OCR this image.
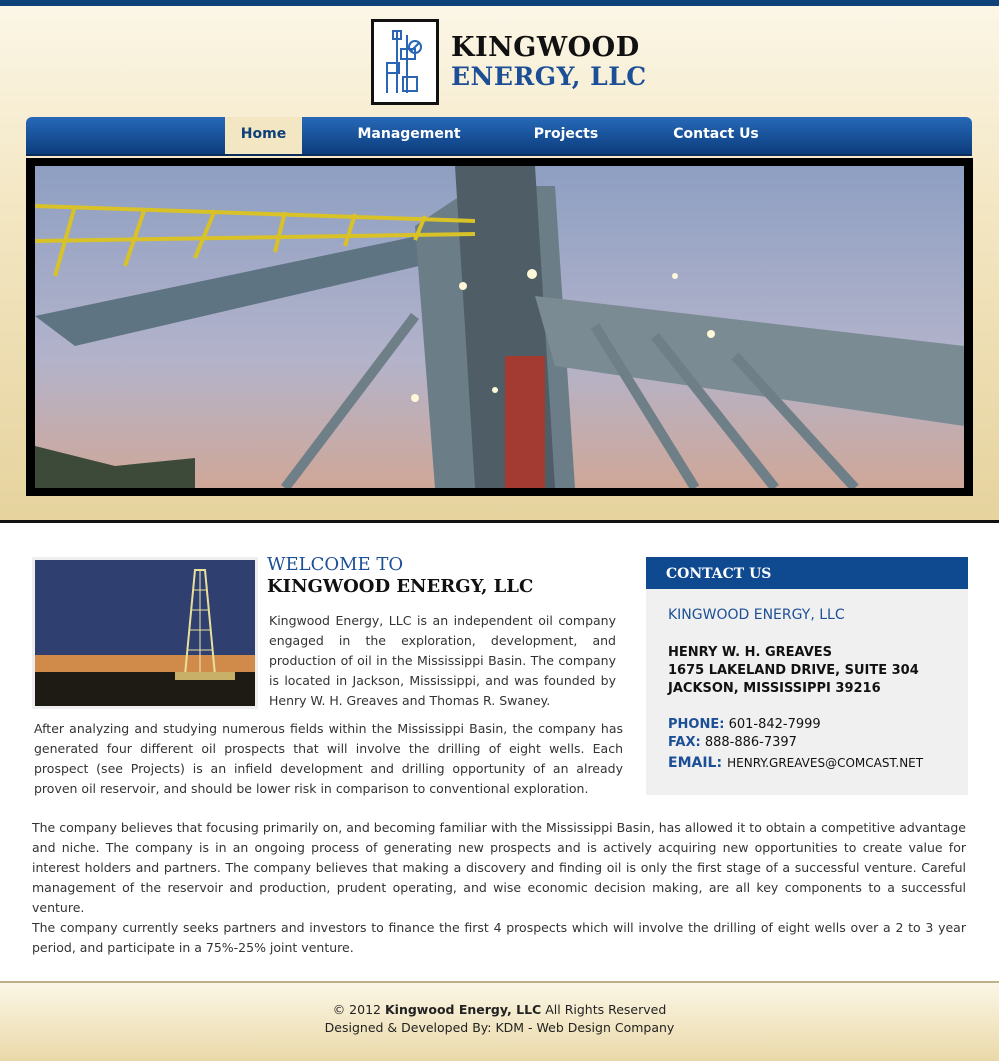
KINGWOOD
ENERGY, LLC
Home	Management	Projects	Contact Us
WELCOME TO
KINGWOOD ENERGY, LLC

Kingwood Energy, LLC is an independent oil company engaged in the exploration, development, and production of oil in the Mississippi Basin. The company is located in Jackson, Mississippi, and was founded by Henry W. H. Greaves and Thomas R. Swaney.

After analyzing and studying numerous fields within the Mississippi Basin, the company has generated four different oil prospects that will involve the drilling of eight wells. Each prospect (see Projects) is an infield development and drilling opportunity of an already proven oil reservoir, and should be lower risk in comparison to conventional exploration.

The company believes that focusing primarily on, and becoming familiar with the Mississippi Basin, has allowed it to obtain a competitive advantage and niche. The company is in an ongoing process of generating new prospects and is actively acquiring new opportunities to create value for interest holders and partners. The company believes that making a discovery and finding oil is only the first stage of a successful venture. Careful management of the reservoir and production, prudent operating, and wise economic decision making, are all key components to a successful venture.

The company currently seeks partners and investors to finance the first 4 prospects which will involve the drilling of eight wells over a 2 to 3 year period, and participate in a 75%-25% joint venture.

CONTACT US
KINGWOOD ENERGY, LLC
HENRY W. H. GREAVES
1675 LAKELAND DRIVE, SUITE 304
JACKSON, MISSISSIPPI 39216
PHONE: 601-842-7999
FAX: 888-886-7397
EMAIL: HENRY.GREAVES@COMCAST.NET
© 2012 Kingwood Energy, LLC All Rights Reserved
Designed & Developed By: KDM - Web Design Company
